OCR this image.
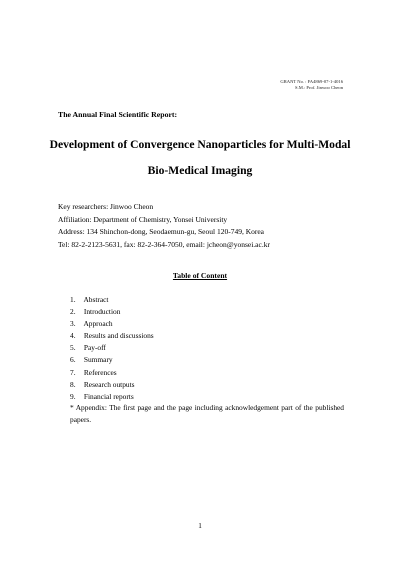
GRANT No. : FA4869-07-1-4016
S.M.: Prof. Jinwoo Cheon
The Annual Final Scientific Report:
Development of Convergence Nanoparticles for Multi-Modal
Bio-Medical Imaging
Key researchers: Jinwoo Cheon
Affiliation: Department of Chemistry, Yonsei University
Address: 134 Shinchon-dong, Seodaemun-gu, Seoul 120-749, Korea
Tel: 82-2-2123-5631, fax: 82-2-364-7050, email: jcheon@yonsei.ac.kr
Table of Content
1. Abstract
2. Introduction
3. Approach
4. Results and discussions
5. Pay-off
6. Summary
7. References
8. Research outputs
9. Financial reports
* Appendix: The first page and the page including acknowledgement part of the published papers.
1
